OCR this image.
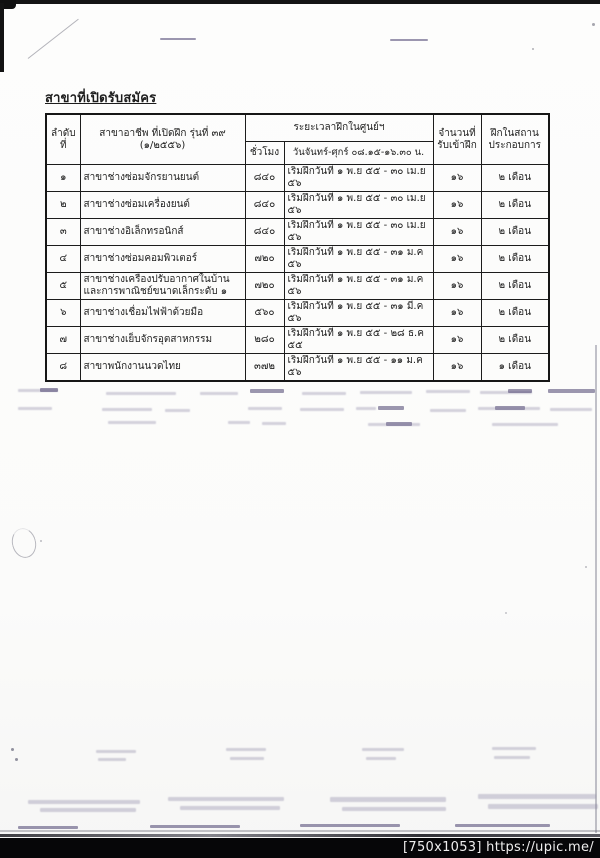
สาขาที่เปิดรับสมัคร
ลำดับที่	สาขาอาชีพ ที่เปิดฝึก รุ่นที่ ๓๙ (๑/๒๕๕๖)	ระยะเวลาฝึกในศูนย์ฯ		จำนวนที่รับเข้าฝึก	ฝึกในสถานประกอบการ
		ชั่วโมง	วันจันทร์-ศุกร์ ๐๘.๑๕-๑๖.๓๐ น.		
๑	สาขาช่างซ่อมจักรยานยนต์	๘๔๐	เริ่มฝึกวันที่ ๑ พ.ย ๕๕ - ๓๐ เม.ย ๕๖	๑๖	๒ เดือน
๒	สาขาช่างซ่อมเครื่องยนต์	๘๔๐	เริ่มฝึกวันที่ ๑ พ.ย ๕๕ - ๓๐ เม.ย ๕๖	๑๖	๒ เดือน
๓	สาขาช่างอิเล็กทรอนิกส์	๘๔๐	เริ่มฝึกวันที่ ๑ พ.ย ๕๕ - ๓๐ เม.ย ๕๖	๑๖	๒ เดือน
๔	สาขาช่างซ่อมคอมพิวเตอร์	๗๒๐	เริ่มฝึกวันที่ ๑ พ.ย ๕๕ - ๓๑ ม.ค ๕๖	๑๖	๒ เดือน
๕	สาขาช่างเครื่องปรับอากาศในบ้านและการพาณิชย์ขนาดเล็กระดับ ๑	๗๒๐	เริ่มฝึกวันที่ ๑ พ.ย ๕๕ - ๓๑ ม.ค ๕๖	๑๖	๒ เดือน
๖	สาขาช่างเชื่อมไฟฟ้าด้วยมือ	๕๖๐	เริ่มฝึกวันที่ ๑ พ.ย ๕๕ - ๓๑ มี.ค ๕๖	๑๖	๒ เดือน
๗	สาขาช่างเย็บจักรอุตสาหกรรม	๒๘๐	เริ่มฝึกวันที่ ๑ พ.ย ๕๕ - ๒๘ ธ.ค ๕๕	๑๖	๒ เดือน
๘	สาขาพนักงานนวดไทย	๓๗๒	เริ่มฝึกวันที่ ๑ พ.ย ๕๕ - ๑๑ ม.ค ๕๖	๑๖	๑ เดือน
[750x1053] https://upic.me/
